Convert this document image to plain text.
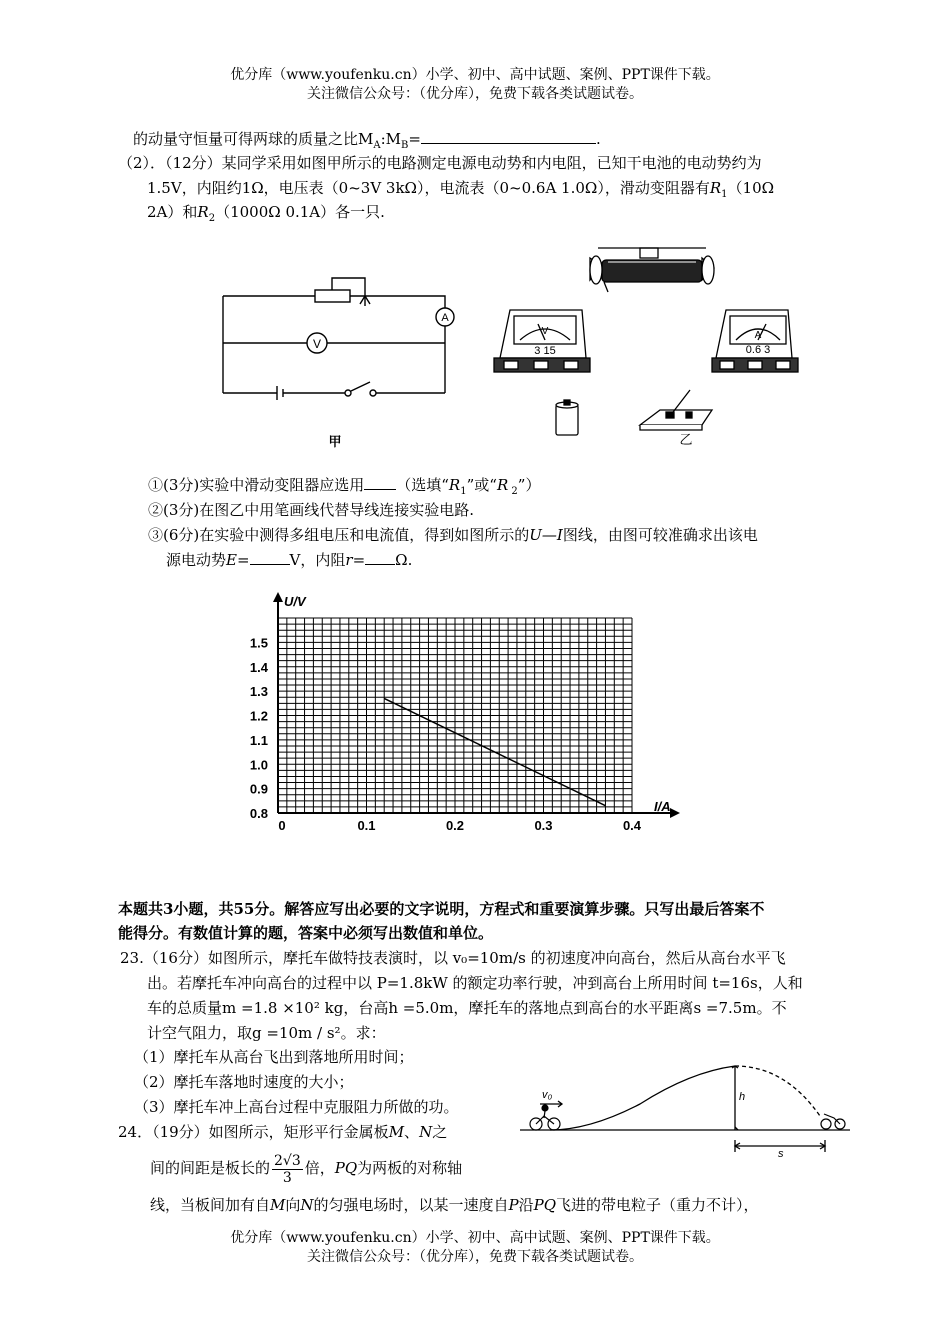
优分库（www.youfenku.cn）小学、初中、高中试题、案例、PPT课件下载。
关注微信公众号：（优分库），免费下载各类试题试卷。
的动量守恒量可得两球的质量之比$M_A:M_B=$	.
（2）．（12分）某同学采用如图甲所示的电路测定电源电动势和内电阻，已知干电池的电动势约为
1.5V，内阻约1Ω，电压表（0~3V 3kΩ），电流表（0~0.6A 1.0Ω），滑动变阻器有$R_1(10\Omega$
2A）和$R_2(1000\Omega$ 0.1A）各一只.
V
A
甲
V
3 15
A
0.6 3
乙
①(3分)实验中滑动变阻器应选用 （选填“$R_1$”或“R $_2$”）
②(3分)在图乙中用笔画线代替导线连接实验电路.
③(6分)在实验中测得多组电压和电流值，得到如图所示的U—I图线，由图可较准确求出该电
源电动势E=	V，内阻r= Ω.
0	0.1	0.2	0.3	0.4
0.8
0.9
1.0
1.1
1.2
1.3
1.4
1.5
I/A
U/V
本题共3小题，共55分。解答应写出必要的文字说明，方程式和重要演算步骤。只写出最后答案不
能得分。有数值计算的题，答案中必须写出数值和单位。
23.（16分）如图所示，摩托车做特技表演时，以 v₀=10m/s 的初速度冲向高台，然后从高台水平飞
出。若摩托车冲向高台的过程中以 P=1.8kW 的额定功率行驶，冲到高台上所用时间 t=16s，人和
车的总质量m =1.8 ×10² kg，台高h =5.0m，摩托车的落地点到高台的水平距离s =7.5m。不
计空气阻力，取g =10m / s²。求：
（1）摩托车从高台飞出到落地所用时间；
（2）摩托车落地时速度的大小；
（3）摩托车冲上高台过程中克服阻力所做的功。
v₀	h
s
24．（19分）如图所示，矩形平行金属板M、N之
间的间距是板长的 $\frac{2√3}{3}$ 倍，PQ为两板的对称轴
线，当板间加有自M向N的匀强电场时，以某一速度自P沿PQ飞进的带电粒子（重力不计），
优分库（www.youfenku.cn）小学、初中、高中试题、案例、PPT课件下载。
关注微信公众号：（优分库），免费下载各类试题试卷。
